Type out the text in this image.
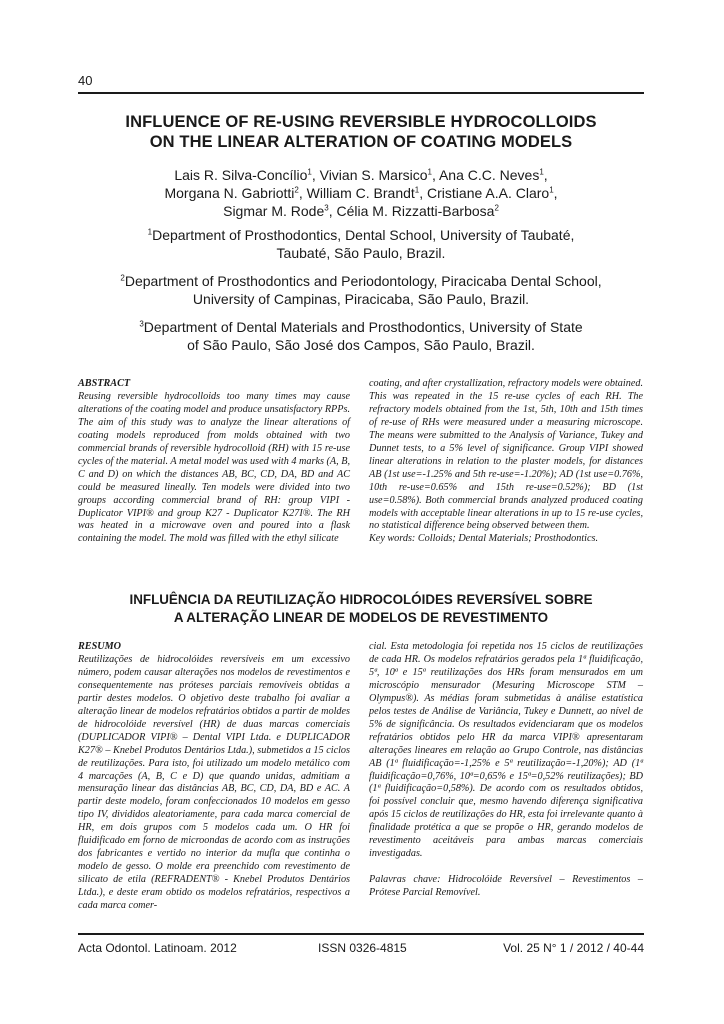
40
INFLUENCE OF RE-USING REVERSIBLE HYDROCOLLOIDS
ON THE LINEAR ALTERATION OF COATING MODELS
Lais R. Silva-Concílio$^1$, Vivian S. Marsico$^1$, Ana C.C. Neves$^1$,
Morgana N. Gabriotti$^2$, William C. Brandt$^1$, Cristiane A.A. Claro$^1$,
Sigmar M. Rode$^3$, Célia M. Rizzatti-Barbosa$^2$
$^1$Department of Prosthodontics, Dental School, University of Taubaté,
Taubaté, São Paulo, Brazil.
$^2$Department of Prosthodontics and Periodontology, Piracicaba Dental School,
University of Campinas, Piracicaba, São Paulo, Brazil.
$^3$Department of Dental Materials and Prosthodontics, University of State
of São Paulo, São José dos Campos, São Paulo, Brazil.
ABSTRACT

Reusing reversible hydrocolloids too many times may cause alterations of the coating model and produce unsatisfactory RPPs. The aim of this study was to analyze the linear alterations of coating models reproduced from molds obtained with two commercial brands of reversible hydrocolloid (RH) with 15 re-use cycles of the material. A metal model was used with 4 marks (A, B, C and D) on which the distances AB, BC, CD, DA, BD and AC could be measured lineally. Ten models were divided into two groups according commercial brand of RH: group VIPI - Duplicator VIPI® and group K27 - Duplicator K27I®. The RH was heated in a microwave oven and poured into a flask containing the model. The mold was filled with the ethyl silicate

coating, and after crystallization, refractory models were obtained. This was repeated in the 15 re-use cycles of each RH. The refractory models obtained from the 1st, 5th, 10th and 15th times of re-use of RHs were measured under a measuring microscope. The means were submitted to the Analysis of Variance, Tukey and Dunnet tests, to a 5% level of significance. Group VIPI showed linear alterations in relation to the plaster models, for distances AB (1st use=-1.25% and 5th re-use=-1.20%); AD (1st use=0.76%, 10th re-use=0.65% and 15th re-use=0.52%); BD (1st use=0.58%). Both commercial brands analyzed produced coating models with acceptable linear alterations in up to 15 re-use cycles, no statistical difference being observed between them.

Key words: Colloids; Dental Materials; Prosthodontics.

INFLUÊNCIA DA REUTILIZAÇÃO HIDROCOLÓIDES REVERSÍVEL SOBRE
A ALTERAÇÃO LINEAR DE MODELOS DE REVESTIMENTO
RESUMO

Reutilizações de hidrocolóides reversíveis em um excessivo número, podem causar alterações nos modelos de revestimentos e consequentemente nas próteses parciais removíveis obtidas a partir destes modelos. O objetivo deste trabalho foi avaliar a alteração linear de modelos refratários obtidos a partir de moldes de hidrocolóide reversível (HR) de duas marcas comerciais (DUPLICADOR VIPI® – Dental VIPI Ltda. e DUPLICADOR K27® – Knebel Produtos Dentários Ltda.), submetidos a 15 ciclos de reutilizações. Para isto, foi utilizado um modelo metálico com 4 marcações (A, B, C e D) que quando unidas, admitiam a mensuração linear das distâncias AB, BC, CD, DA, BD e AC. A partir deste modelo, foram confeccionados 10 modelos em gesso tipo IV, divididos aleatoriamente, para cada marca comercial de HR, em dois grupos com 5 modelos cada um. O HR foi fluidificado em forno de microondas de acordo com as instruções dos fabricantes e vertido no interior da mufla que continha o modelo de gesso. O molde era preenchido com revestimento de silicato de etila (REFRADENT® - Knebel Produtos Dentários Ltda.), e deste eram obtido os modelos refratários, respectivos a cada marca comer-

cial. Esta metodologia foi repetida nos 15 ciclos de reutilizações de cada HR. Os modelos refratários gerados pela 1ª fluidificação, 5ª, 10ª e 15ª reutilizações dos HRs foram mensurados em um microscópio mensurador (Mesuring Microscope STM – Olympus®). As médias foram submetidas à análise estatística pelos testes de Análise de Variância, Tukey e Dunnett, ao nível de 5% de significância. Os resultados evidenciaram que os modelos refratários obtidos pelo HR da marca VIPI® apresentaram alterações lineares em relação ao Grupo Controle, nas distâncias AB (1ª fluidificação=-1,25% e 5ª reutilização=-1,20%); AD (1ª fluidificação=0,76%, 10ª=0,65% e 15ª=0,52% reutilizações); BD (1ª fluidificação=0,58%). De acordo com os resultados obtidos, foi possível concluir que, mesmo havendo diferença significativa após 15 ciclos de reutilizações do HR, esta foi irrelevante quanto à finalidade protética a que se propõe o HR, gerando modelos de revestimento aceitáveis para ambas marcas comerciais investigadas.

Palavras chave: Hidrocolóide Reversível – Revestimentos – Prótese Parcial Removível.

Acta Odontol. Latinoam. 2012	ISSN 0326-4815	Vol. 25 N° 1 / 2012 / 40-44
